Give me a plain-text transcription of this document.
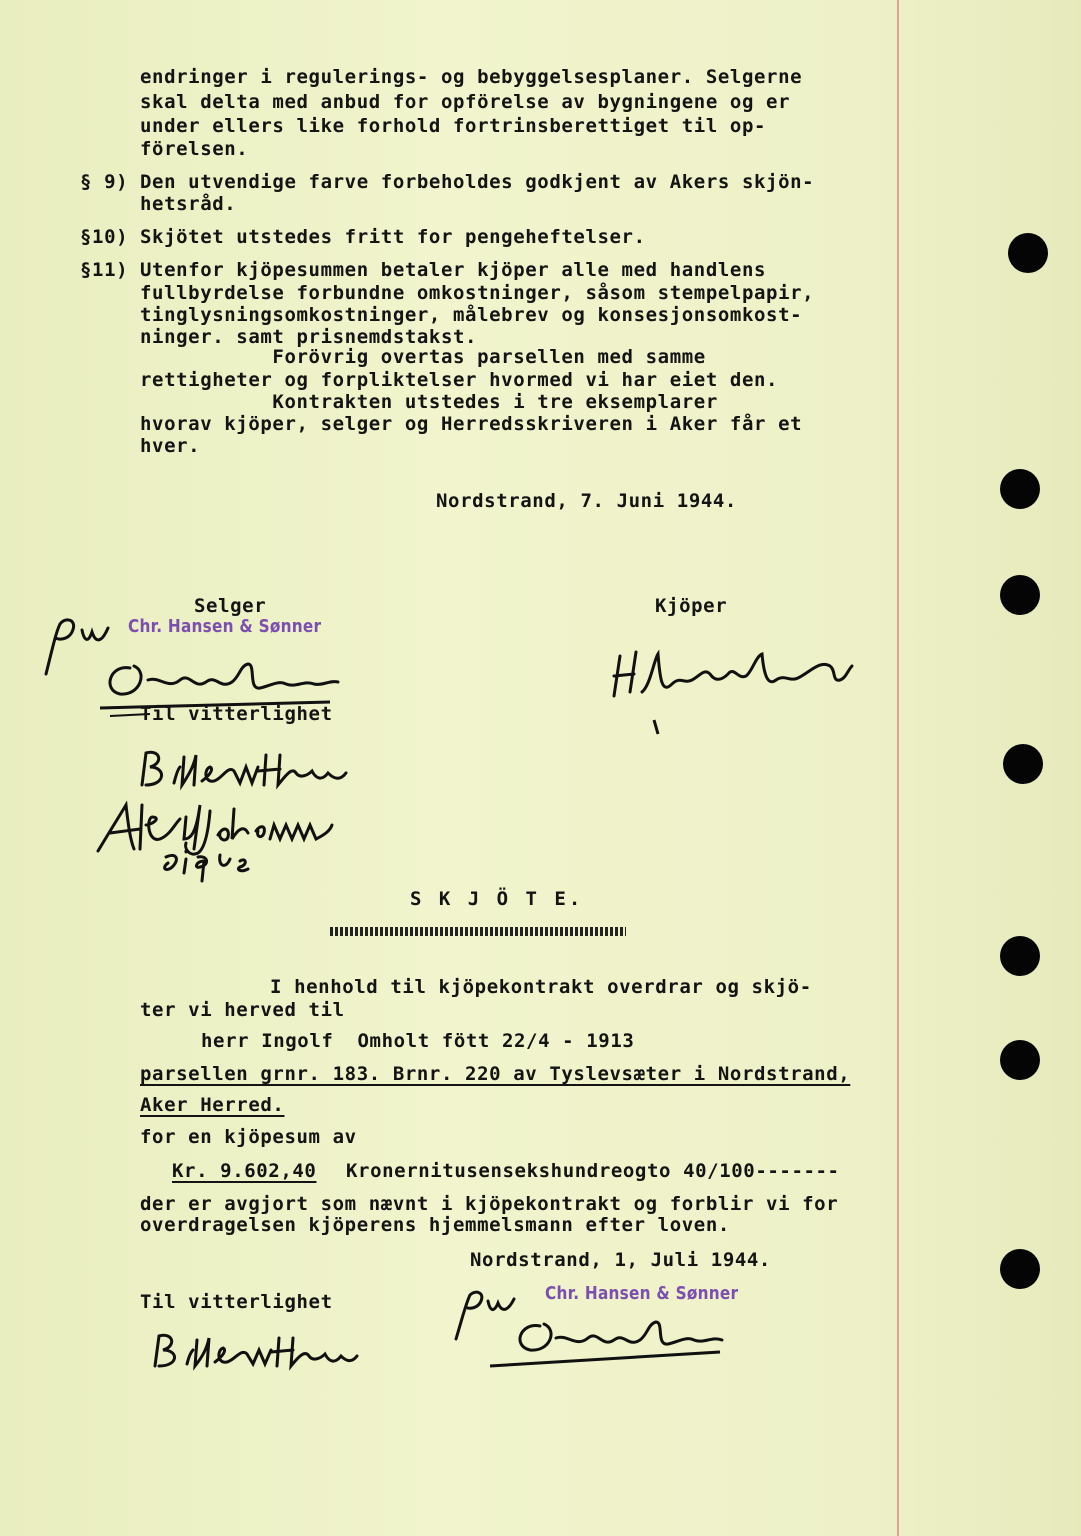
endringer i regulerings- og bebyggelsesplaner. Selgerne
skal delta med anbud for opförelse av bygningene og er
under ellers like forhold fortrinsberettiget til op-
förelsen.
§ 9) Den utvendige farve forbeholdes godkjent av Akers skjön-
hetsråd.
§10) Skjötet utstedes fritt for pengeheftelser.
§11) Utenfor kjöpesummen betaler kjöper alle med handlens
fullbyrdelse forbundne omkostninger, såsom stempelpapir,
tinglysningsomkostninger, målebrev og konsesjonsomkost-
ninger. samt prisnemdstakst.
Forövrig overtas parsellen med samme
rettigheter og forpliktelser hvormed vi har eiet den.
Kontrakten utstedes i tre eksemplarer
hvorav kjöper, selger og Herredsskriveren i Aker får et
hver.
Nordstrand, 7. Juni 1944.
Selger	Kjöper
Chr. Hansen & Sønner
Til vitterlighet
S K J Ö T E.
I henhold til kjöpekontrakt overdrar og skjö-
ter vi herved til
herr Ingolf  Omholt fött 22/4 - 1913
parsellen grnr. 183. Brnr. 220 av Tyslevsæter i Nordstrand,
Aker Herred.
for en kjöpesum av
Kr. 9.602,40 Kronernitusensekshundreogto 40/100-------
der er avgjort som nævnt i kjöpekontrakt og forblir vi for
overdragelsen kjöperens hjemmelsmann efter loven.
Nordstrand, 1, Juli 1944.
Til vitterlighet	Chr. Hansen & Sønner
